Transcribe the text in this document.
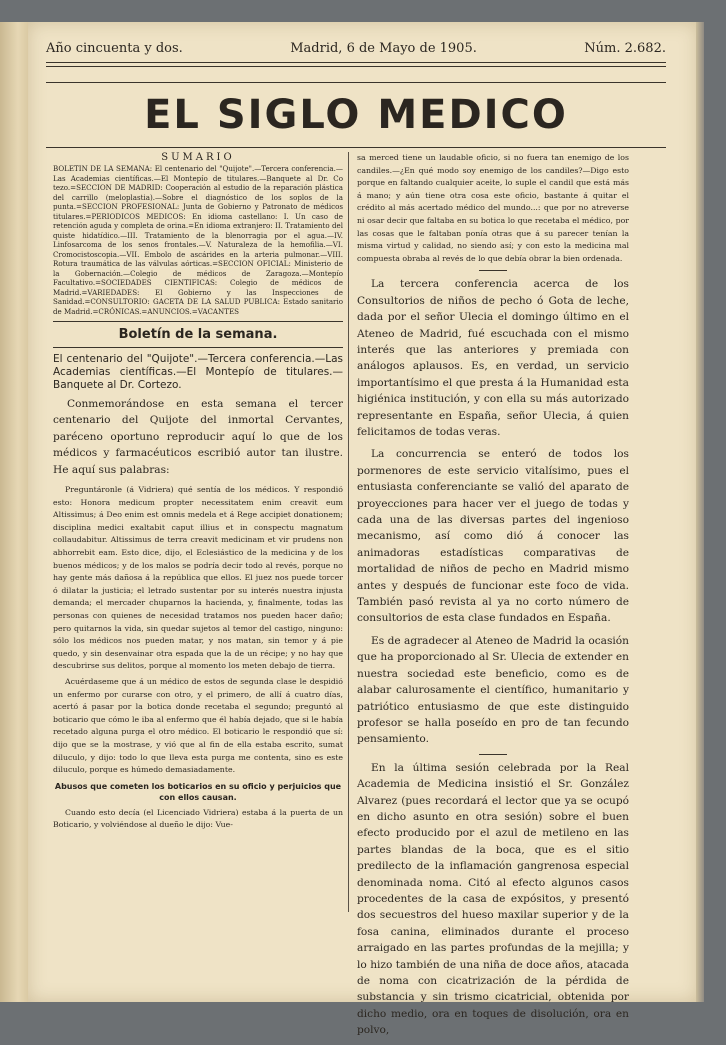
Año cincuenta y dos.	Madrid, 6 de Mayo de 1905.	Núm. 2.682.
EL SIGLO MEDICO

SUMARIO

BOLETIN DE LA SEMANA: El centenario del "Quijote".—Tercera conferencia.—Las Academias científicas.—El Montepío de titulares.—Banquete al Dr. Co tezo.=SECCION DE MADRID: Cooperación al estudio de la reparación plástica del carrillo (meloplastia).—Sobre el diagnóstico de los soplos de la punta.=SECCION PROFESIONAL: Junta de Gobierno y Patronato de médicos titulares.=PERIODICOS MEDICOS: En idioma castellano: I. Un caso de retención aguda y completa de orina.=En idioma extranjero: II. Tratamiento del quiste hidatídico.—III. Tratamiento de la blenorragia por el agua.—IV. Linfosarcoma de los senos frontales.—V. Naturaleza de la hemofilia.—VI. Cromocistoscopia.—VII. Embolo de ascárides en la arteria pulmonar.—VIII. Rotura traumática de las válvulas aórticas.=SECCION OFICIAL: Ministerio de la Gobernación.—Colegio de médicos de Zaragoza.—Montepío Facultativo.=SOCIEDADES CIENTIFICAS: Colegio de médicos de Madrid.=VARIEDADES: El Gobierno y las Inspecciones de Sanidad.=CONSULTORIO: GACETA DE LA SALUD PUBLICA: Estado sanitario de Madrid.=CRÓNICAS.=ANUNCIOS.=VACANTES

Boletín de la semana.

El centenario del "Quijote".—Tercera conferencia.—Las Academias científicas.—El Montepío de titulares.—Banquete al Dr. Cortezo.

Conmemorándose en esta semana el tercer centenario del Quijote del inmortal Cervantes, paréceno oportuno reproducir aquí lo que de los médicos y farmacéuticos escribió autor tan ilustre. He aquí sus palabras:

Preguntáronle (á Vidriera) qué sentía de los médicos. Y respondió esto: Honora medicum propter necessitatem enim creavit eum Altissimus; á Deo enim est omnis medela et á Rege accipiet donationem; disciplina medici exaltabit caput illius et in conspectu magnatum collaudabitur. Altissimus de terra creavit medicinam et vir prudens non abhorrebit eam. Esto dice, dijo, el Eclesiástico de la medicina y de los buenos médicos; y de los malos se podría decir todo al revés, porque no hay gente más dañosa á la república que ellos. El juez nos puede torcer ó dilatar la justicia; el letrado sustentar por su interés nuestra injusta demanda; el mercader chuparnos la hacienda, y, finalmente, todas las personas con quienes de necesidad tratamos nos pueden hacer daño; pero quitarnos la vida, sin quedar sujetos al temor del castigo, ninguno: sólo los médicos nos pueden matar, y nos matan, sin temor y á pie quedo, y sin desenvainar otra espada que la de un récipe; y no hay que descubrirse sus delitos, porque al momento los meten debajo de tierra.

Acuérdaseme que á un médico de estos de segunda clase le despidió un enfermo por curarse con otro, y el primero, de allí á cuatro días, acertó á pasar por la botica donde recetaba el segundo; preguntó al boticario que cómo le iba al enfermo que él había dejado, que si le había recetado alguna purga el otro médico. El boticario le respondió que sí: dijo que se la mostrase, y vió que al fin de ella estaba escrito, sumat diluculo, y dijo: todo lo que lleva esta purga me contenta, sino es este diluculo, porque es húmedo demasiadamente.

Abusos que cometen los boticarios en su oficio y perjuicios que con ellos causan.

Cuando esto decía (el Licenciado Vidriera) estaba á la puerta de un Boticario, y volviéndose al dueño le dijo: Vue-

sa merced tiene un laudable oficio, si no fuera tan enemigo de los candiles.—¿En qué modo soy enemigo de los candiles?—Digo esto porque en faltando cualquier aceite, lo suple el candil que está más á mano; y aún tiene otra cosa este oficio, bastante á quitar el crédito al más acertado médico del mundo...: que por no atreverse ni osar decir que faltaba en su botica lo que recetaba el médico, por las cosas que le faltaban ponía otras que á su parecer tenían la misma virtud y calidad, no siendo así; y con esto la medicina mal compuesta obraba al revés de lo que debía obrar la bien ordenada.

La tercera conferencia acerca de los Consultorios de niños de pecho ó Gota de leche, dada por el señor Ulecia el domingo último en el Ateneo de Madrid, fué escuchada con el mismo interés que las anteriores y premiada con análogos aplausos. Es, en verdad, un servicio importantísimo el que presta á la Humanidad esta higiénica institución, y con ella su más autorizado representante en España, señor Ulecia, á quien felicitamos de todas veras.

La concurrencia se enteró de todos los pormenores de este servicio vitalísimo, pues el entusiasta conferenciante se valió del aparato de proyecciones para hacer ver el juego de todas y cada una de las diversas partes del ingenioso mecanismo, así como dió á conocer las animadoras estadísticas comparativas de mortalidad de niños de pecho en Madrid mismo antes y después de funcionar este foco de vida. También pasó revista al ya no corto número de consultorios de esta clase fundados en España.

Es de agradecer al Ateneo de Madrid la ocasión que ha proporcionado al Sr. Ulecia de extender en nuestra sociedad este beneficio, como es de alabar calurosamente el científico, humanitario y patriótico entusiasmo de que este distinguido profesor se halla poseído en pro de tan fecundo pensamiento.

En la última sesión celebrada por la Real Academia de Medicina insistió el Sr. González Alvarez (pues recordará el lector que ya se ocupó en dicho asunto en otra sesión) sobre el buen efecto producido por el azul de metileno en las partes blandas de la boca, que es el sitio predilecto de la inflamación gangrenosa especial denominada noma. Citó al efecto algunos casos procedentes de la casa de expósitos, y presentó dos secuestros del hueso maxilar superior y de la fosa canina, eliminados durante el proceso arraigado en las partes profundas de la mejilla; y lo hizo también de una niña de doce años, atacada de noma con cicatrización de la pérdida de substancia y sin trismo cicatricial, obtenida por dicho medio, ora en toques de disolución, ora en polvo,
